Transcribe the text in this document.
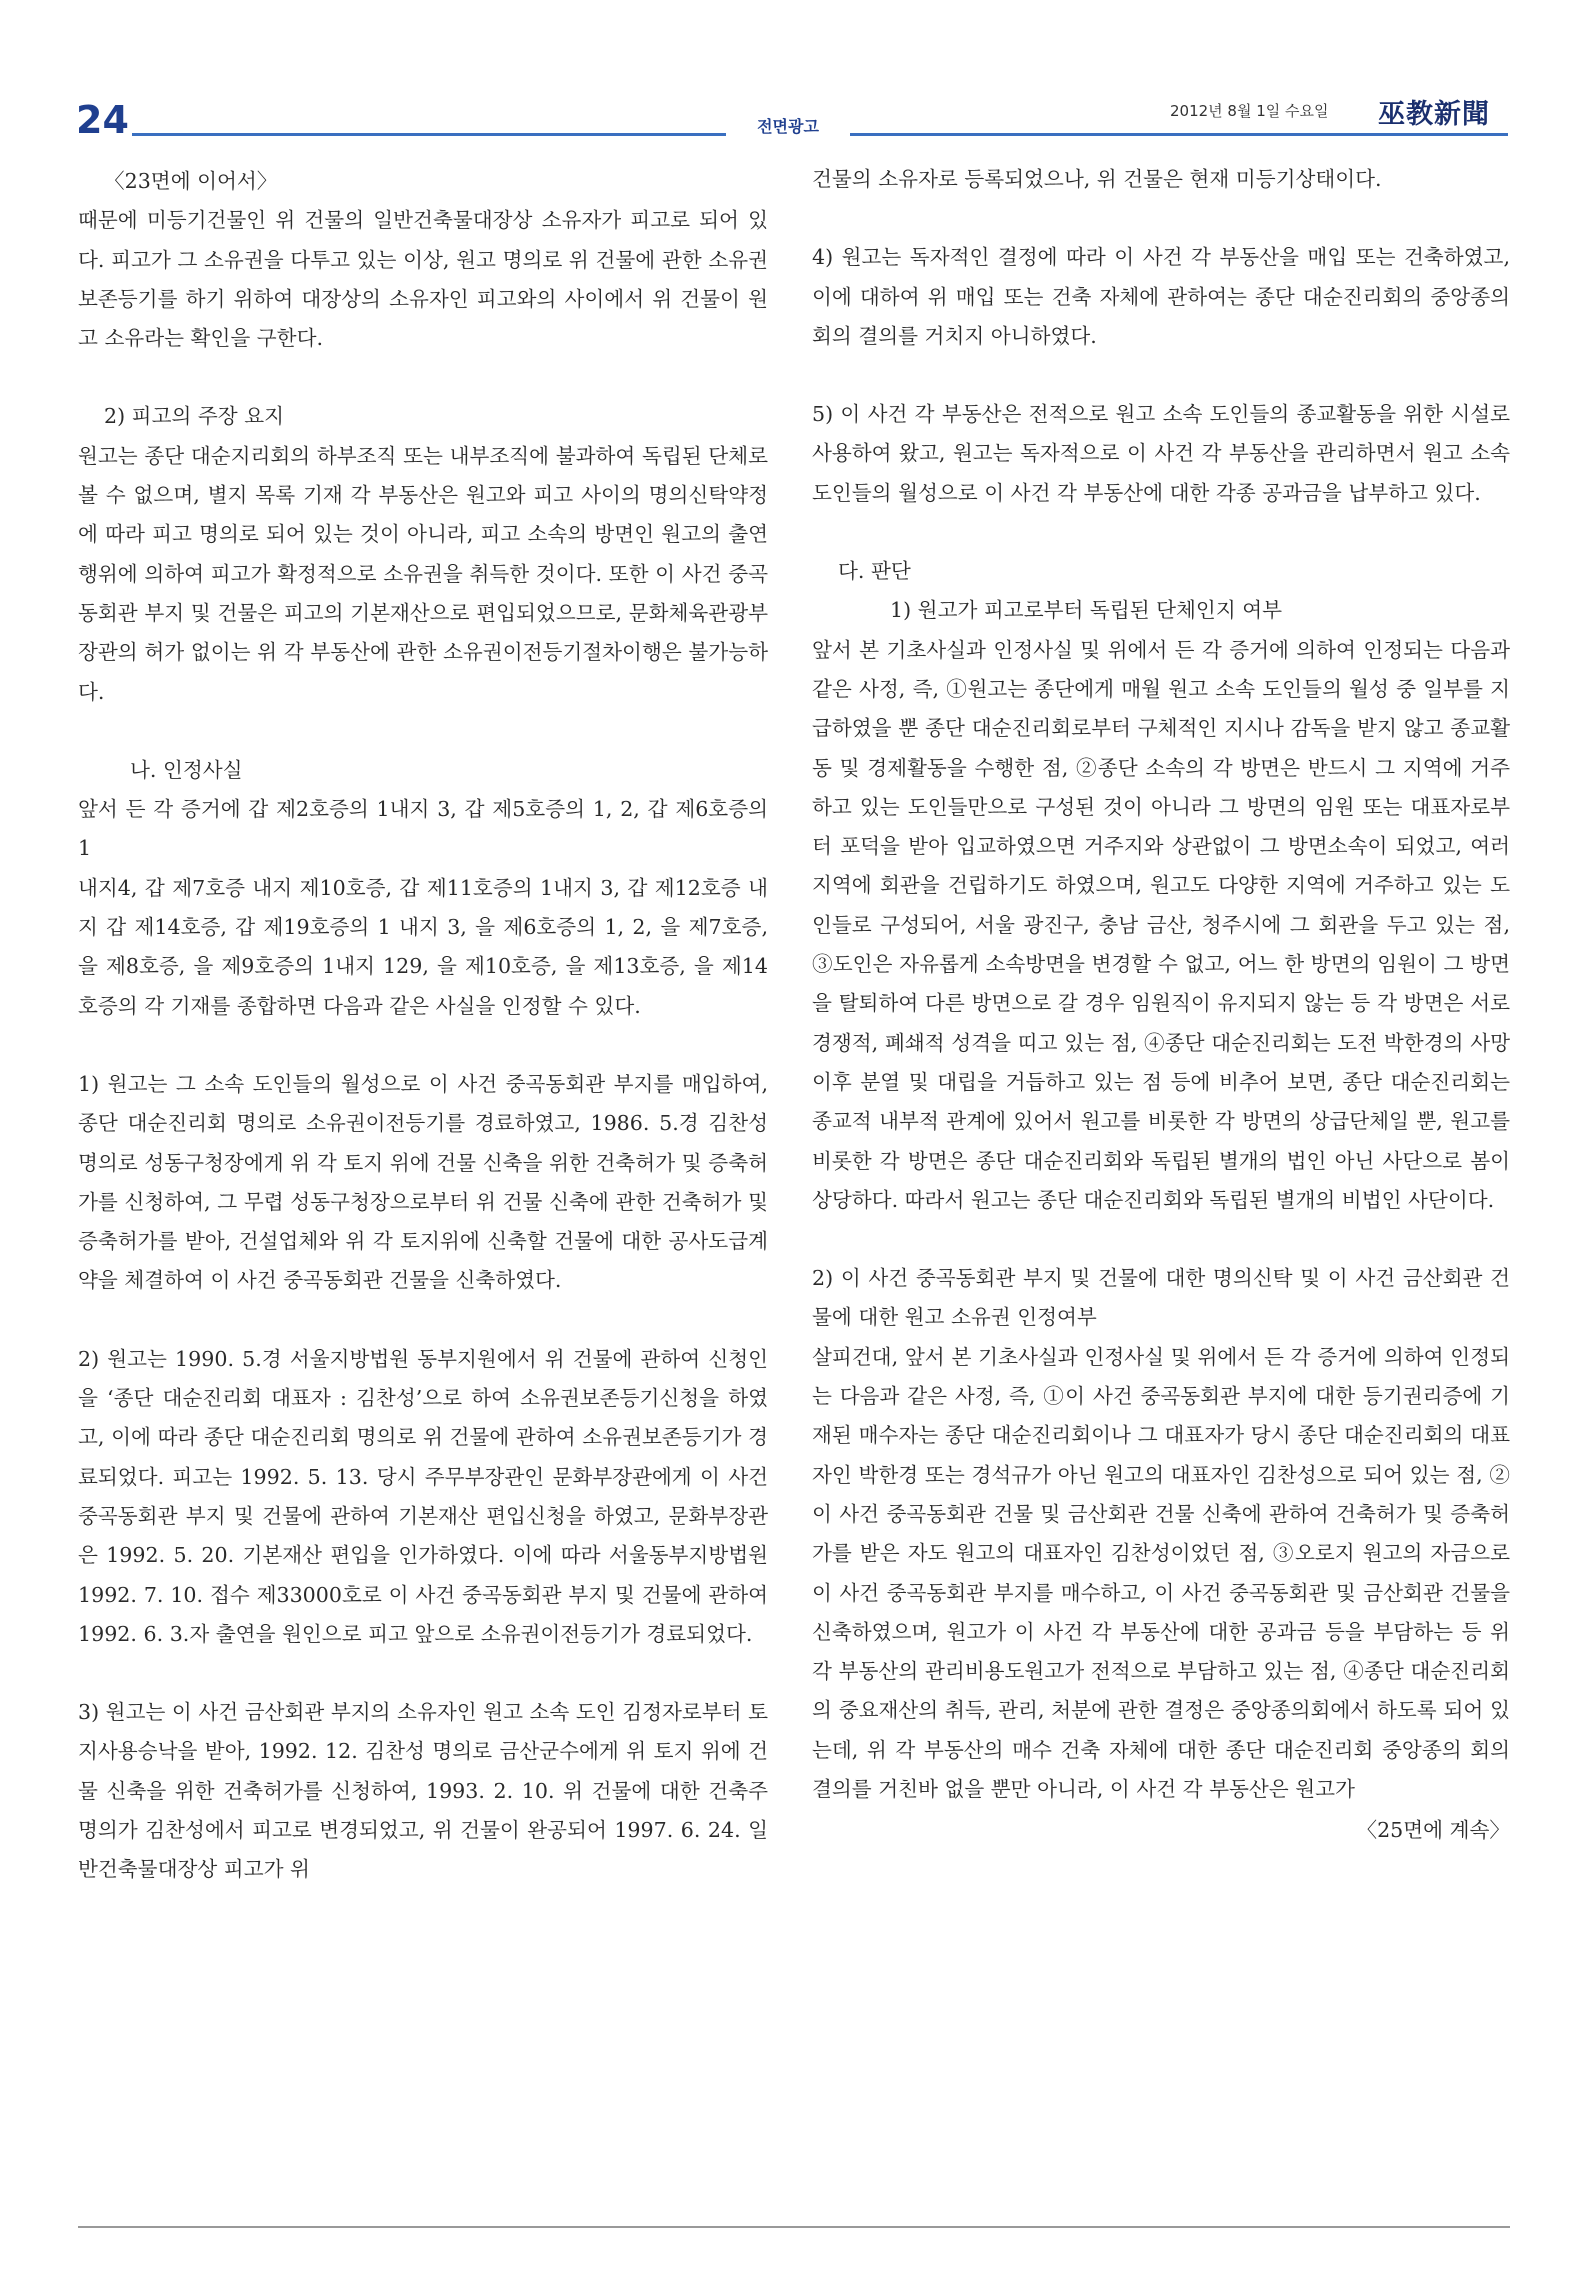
24	전면광고
2012년 8월 1일 수요일 巫教新聞

〈23면에 이어서〉

때문에 미등기건물인 위 건물의 일반건축물대장상 소유자가 피고로 되어 있다. 피고가 그 소유권을 다투고 있는 이상, 원고 명의로 위 건물에 관한 소유권보존등기를 하기 위하여 대장상의 소유자인 피고와의 사이에서 위 건물이 원고 소유라는 확인을 구한다.

2) 피고의 주장 요지

원고는 종단 대순지리회의 하부조직 또는 내부조직에 불과하여 독립된 단체로 볼 수 없으며, 별지 목록 기재 각 부동산은 원고와 피고 사이의 명의신탁약정에 따라 피고 명의로 되어 있는 것이 아니라, 피고 소속의 방면인 원고의 출연행위에 의하여 피고가 확정적으로 소유권을 취득한 것이다. 또한 이 사건 중곡동회관 부지 및 건물은 피고의 기본재산으로 편입되었으므로, 문화체육관광부 장관의 허가 없이는 위 각 부동산에 관한 소유권이전등기절차이행은 불가능하다.

나. 인정사실

앞서 든 각 증거에 갑 제2호증의 1내지 3, 갑 제5호증의 1, 2, 갑 제6호증의 1

내지4, 갑 제7호증 내지 제10호증, 갑 제11호증의 1내지 3, 갑 제12호증 내지 갑 제14호증, 갑 제19호증의 1 내지 3, 을 제6호증의 1, 2, 을 제7호증, 을 제8호증, 을 제9호증의 1내지 129, 을 제10호증, 을 제13호증, 을 제14호증의 각 기재를 종합하면 다음과 같은 사실을 인정할 수 있다.

1) 원고는 그 소속 도인들의 월성으로 이 사건 중곡동회관 부지를 매입하여, 종단 대순진리회 명의로 소유권이전등기를 경료하였고, 1986. 5.경 김찬성 명의로 성동구청장에게 위 각 토지 위에 건물 신축을 위한 건축허가 및 증축허가를 신청하여, 그 무렵 성동구청장으로부터 위 건물 신축에 관한 건축허가 및 증축허가를 받아, 건설업체와 위 각 토지위에 신축할 건물에 대한 공사도급계약을 체결하여 이 사건 중곡동회관 건물을 신축하였다.

2) 원고는 1990. 5.경 서울지방법원 동부지원에서 위 건물에 관하여 신청인을 ‘종단 대순진리회 대표자 : 김찬성’으로 하여 소유권보존등기신청을 하였고, 이에 따라 종단 대순진리회 명의로 위 건물에 관하여 소유권보존등기가 경료되었다. 피고는 1992. 5. 13. 당시 주무부장관인 문화부장관에게 이 사건 중곡동회관 부지 및 건물에 관하여 기본재산 편입신청을 하였고, 문화부장관은 1992. 5. 20. 기본재산 편입을 인가하였다. 이에 따라 서울동부지방법원 1992. 7. 10. 접수 제33000호로 이 사건 중곡동회관 부지 및 건물에 관하여 1992. 6. 3.자 출연을 원인으로 피고 앞으로 소유권이전등기가 경료되었다.

3) 원고는 이 사건 금산회관 부지의 소유자인 원고 소속 도인 김정자로부터 토지사용승낙을 받아, 1992. 12. 김찬성 명의로 금산군수에게 위 토지 위에 건물 신축을 위한 건축허가를 신청하여, 1993. 2. 10. 위 건물에 대한 건축주 명의가 김찬성에서 피고로 변경되었고, 위 건물이 완공되어 1997. 6. 24. 일반건축물대장상 피고가 위

건물의 소유자로 등록되었으나, 위 건물은 현재 미등기상태이다.

4) 원고는 독자적인 결정에 따라 이 사건 각 부동산을 매입 또는 건축하였고, 이에 대하여 위 매입 또는 건축 자체에 관하여는 종단 대순진리회의 중앙종의회의 결의를 거치지 아니하였다.

5) 이 사건 각 부동산은 전적으로 원고 소속 도인들의 종교활동을 위한 시설로 사용하여 왔고, 원고는 독자적으로 이 사건 각 부동산을 관리하면서 원고 소속 도인들의 월성으로 이 사건 각 부동산에 대한 각종 공과금을 납부하고 있다.

다. 판단

1) 원고가 피고로부터 독립된 단체인지 여부

앞서 본 기초사실과 인정사실 및 위에서 든 각 증거에 의하여 인정되는 다음과 같은 사정, 즉, ①원고는 종단에게 매월 원고 소속 도인들의 월성 중 일부를 지급하였을 뿐 종단 대순진리회로부터 구체적인 지시나 감독을 받지 않고 종교활동 및 경제활동을 수행한 점, ②종단 소속의 각 방면은 반드시 그 지역에 거주하고 있는 도인들만으로 구성된 것이 아니라 그 방면의 임원 또는 대표자로부터 포덕을 받아 입교하였으면 거주지와 상관없이 그 방면소속이 되었고, 여러지역에 회관을 건립하기도 하였으며, 원고도 다양한 지역에 거주하고 있는 도인들로 구성되어, 서울 광진구, 충남 금산, 청주시에 그 회관을 두고 있는 점, ③도인은 자유롭게 소속방면을 변경할 수 없고, 어느 한 방면의 임원이 그 방면을 탈퇴하여 다른 방면으로 갈 경우 임원직이 유지되지 않는 등 각 방면은 서로 경쟁적, 폐쇄적 성격을 띠고 있는 점, ④종단 대순진리회는 도전 박한경의 사망 이후 분열 및 대립을 거듭하고 있는 점 등에 비추어 보면, 종단 대순진리회는 종교적 내부적 관계에 있어서 원고를 비롯한 각 방면의 상급단체일 뿐, 원고를 비롯한 각 방면은 종단 대순진리회와 독립된 별개의 법인 아닌 사단으로 봄이 상당하다. 따라서 원고는 종단 대순진리회와 독립된 별개의 비법인 사단이다.

2) 이 사건 중곡동회관 부지 및 건물에 대한 명의신탁 및 이 사건 금산회관 건물에 대한 원고 소유권 인정여부

살피건대, 앞서 본 기초사실과 인정사실 및 위에서 든 각 증거에 의하여 인정되는 다음과 같은 사정, 즉, ①이 사건 중곡동회관 부지에 대한 등기권리증에 기재된 매수자는 종단 대순진리회이나 그 대표자가 당시 종단 대순진리회의 대표자인 박한경 또는 경석규가 아닌 원고의 대표자인 김찬성으로 되어 있는 점, ②이 사건 중곡동회관 건물 및 금산회관 건물 신축에 관하여 건축허가 및 증축허가를 받은 자도 원고의 대표자인 김찬성이었던 점, ③오로지 원고의 자금으로 이 사건 중곡동회관 부지를 매수하고, 이 사건 중곡동회관 및 금산회관 건물을 신축하였으며, 원고가 이 사건 각 부동산에 대한 공과금 등을 부담하는 등 위 각 부동산의 관리비용도원고가 전적으로 부담하고 있는 점, ④종단 대순진리회의 중요재산의 취득, 관리, 처분에 관한 결정은 중앙종의회에서 하도록 되어 있는데, 위 각 부동산의 매수 건축 자체에 대한 종단 대순진리회 중앙종의 회의 결의를 거친바 없을 뿐만 아니라, 이 사건 각 부동산은 원고가

〈25면에 계속〉
